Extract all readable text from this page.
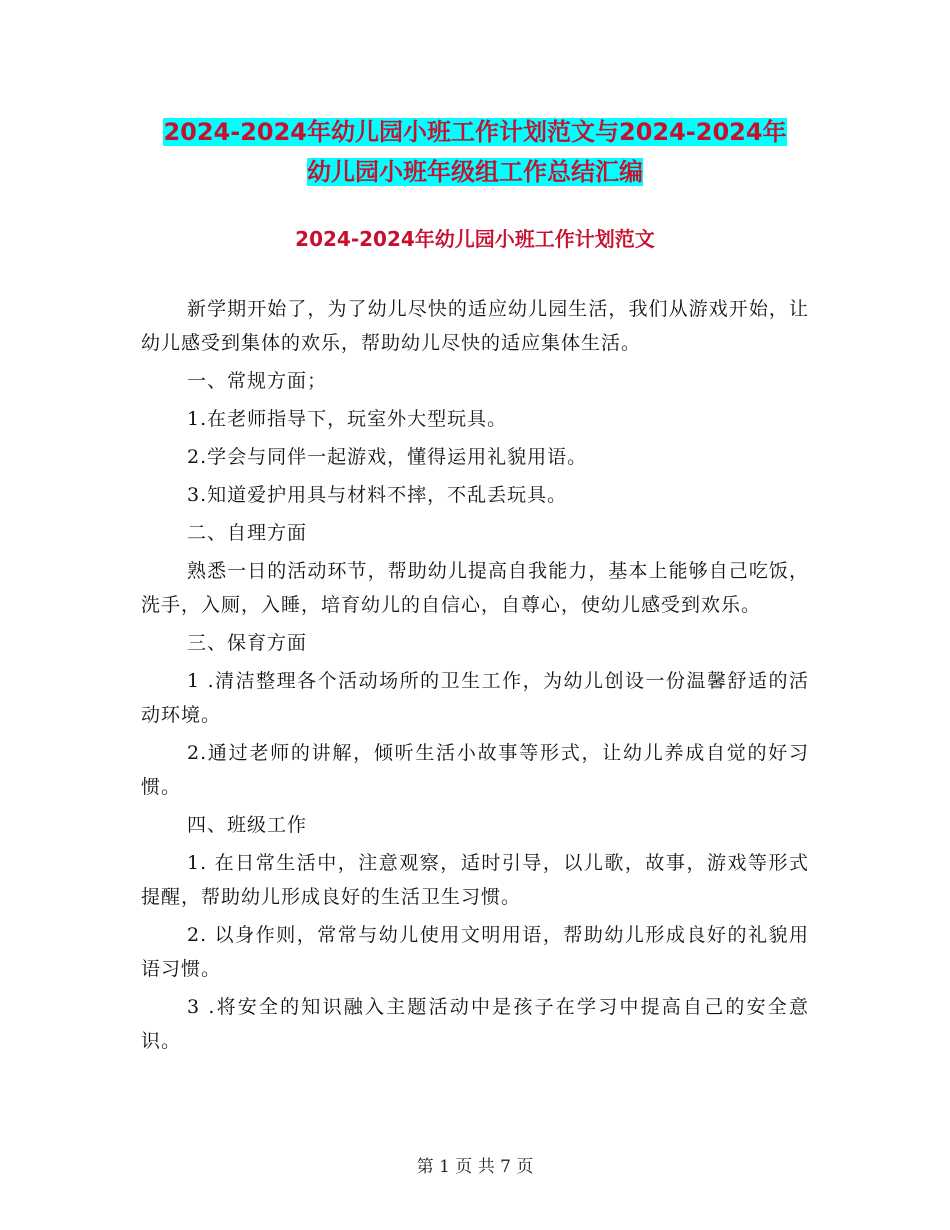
2024-2024年幼儿园小班工作计划范文与2024-2024年
幼儿园小班年级组工作总结汇编
2024-2024年幼儿园小班工作计划范文

新学期开始了，为了幼儿尽快的适应幼儿园生活，我们从游戏开始，让幼儿感受到集体的欢乐，帮助幼儿尽快的适应集体生活。

一、常规方面；

1.在老师指导下，玩室外大型玩具。

2.学会与同伴一起游戏，懂得运用礼貌用语。

3.知道爱护用具与材料不摔，不乱丢玩具。

二、自理方面

熟悉一日的活动环节，帮助幼儿提高自我能力，基本上能够自己吃饭，洗手，入厕，入睡，培育幼儿的自信心，自尊心，使幼儿感受到欢乐。

三、保育方面

1 .清洁整理各个活动场所的卫生工作，为幼儿创设一份温馨舒适的活动环境。

2.通过老师的讲解，倾听生活小故事等形式，让幼儿养成自觉的好习惯。

四、班级工作

1. 在日常生活中，注意观察，适时引导，以儿歌，故事，游戏等形式提醒，帮助幼儿形成良好的生活卫生习惯。

2. 以身作则，常常与幼儿使用文明用语，帮助幼儿形成良好的礼貌用语习惯。

3 .将安全的知识融入主题活动中是孩子在学习中提高自己的安全意识。

第 1 页 共 7 页
